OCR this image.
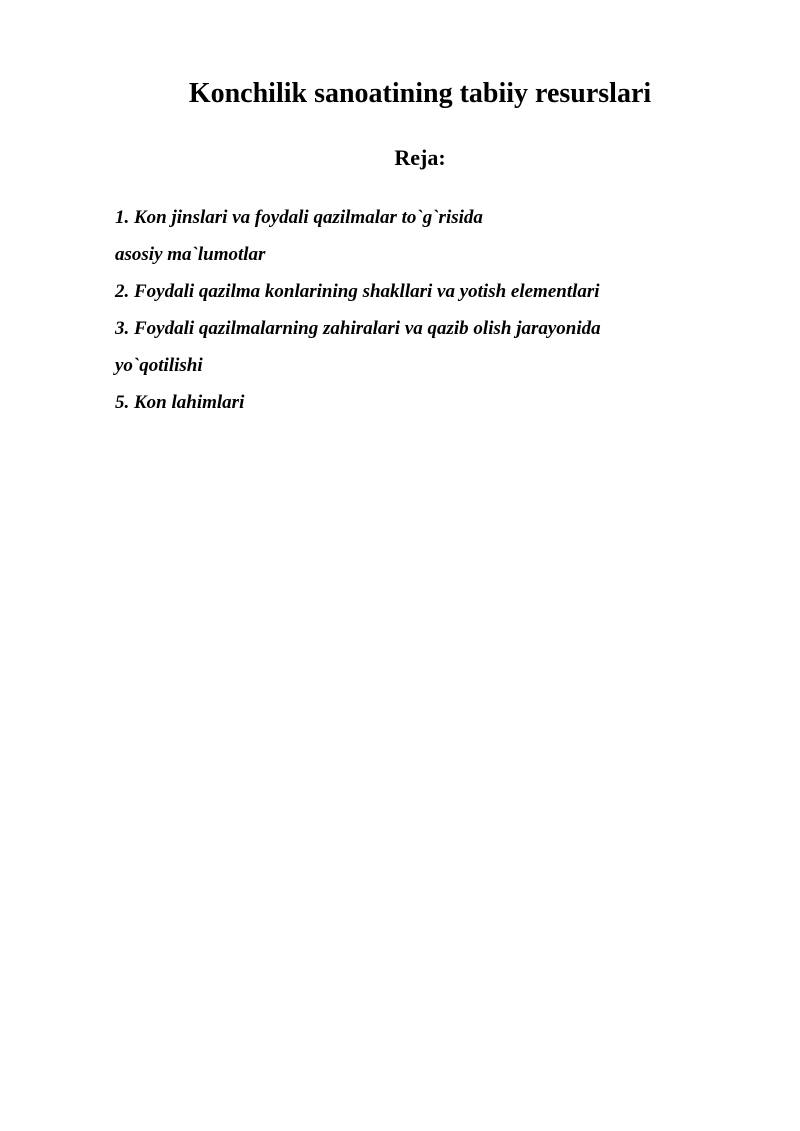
Konchilik sanoatining tabiiy resurslari
Reja:
1. Kon jinslari va foydali qazilmalar to`g`risida
asosiy ma`lumotlar
2. Foydali qazilma konlarining shakllari va yotish elementlari
3. Foydali qazilmalarning zahiralari va qazib olish jarayonida
yo`qotilishi
5. Kon lahimlari
